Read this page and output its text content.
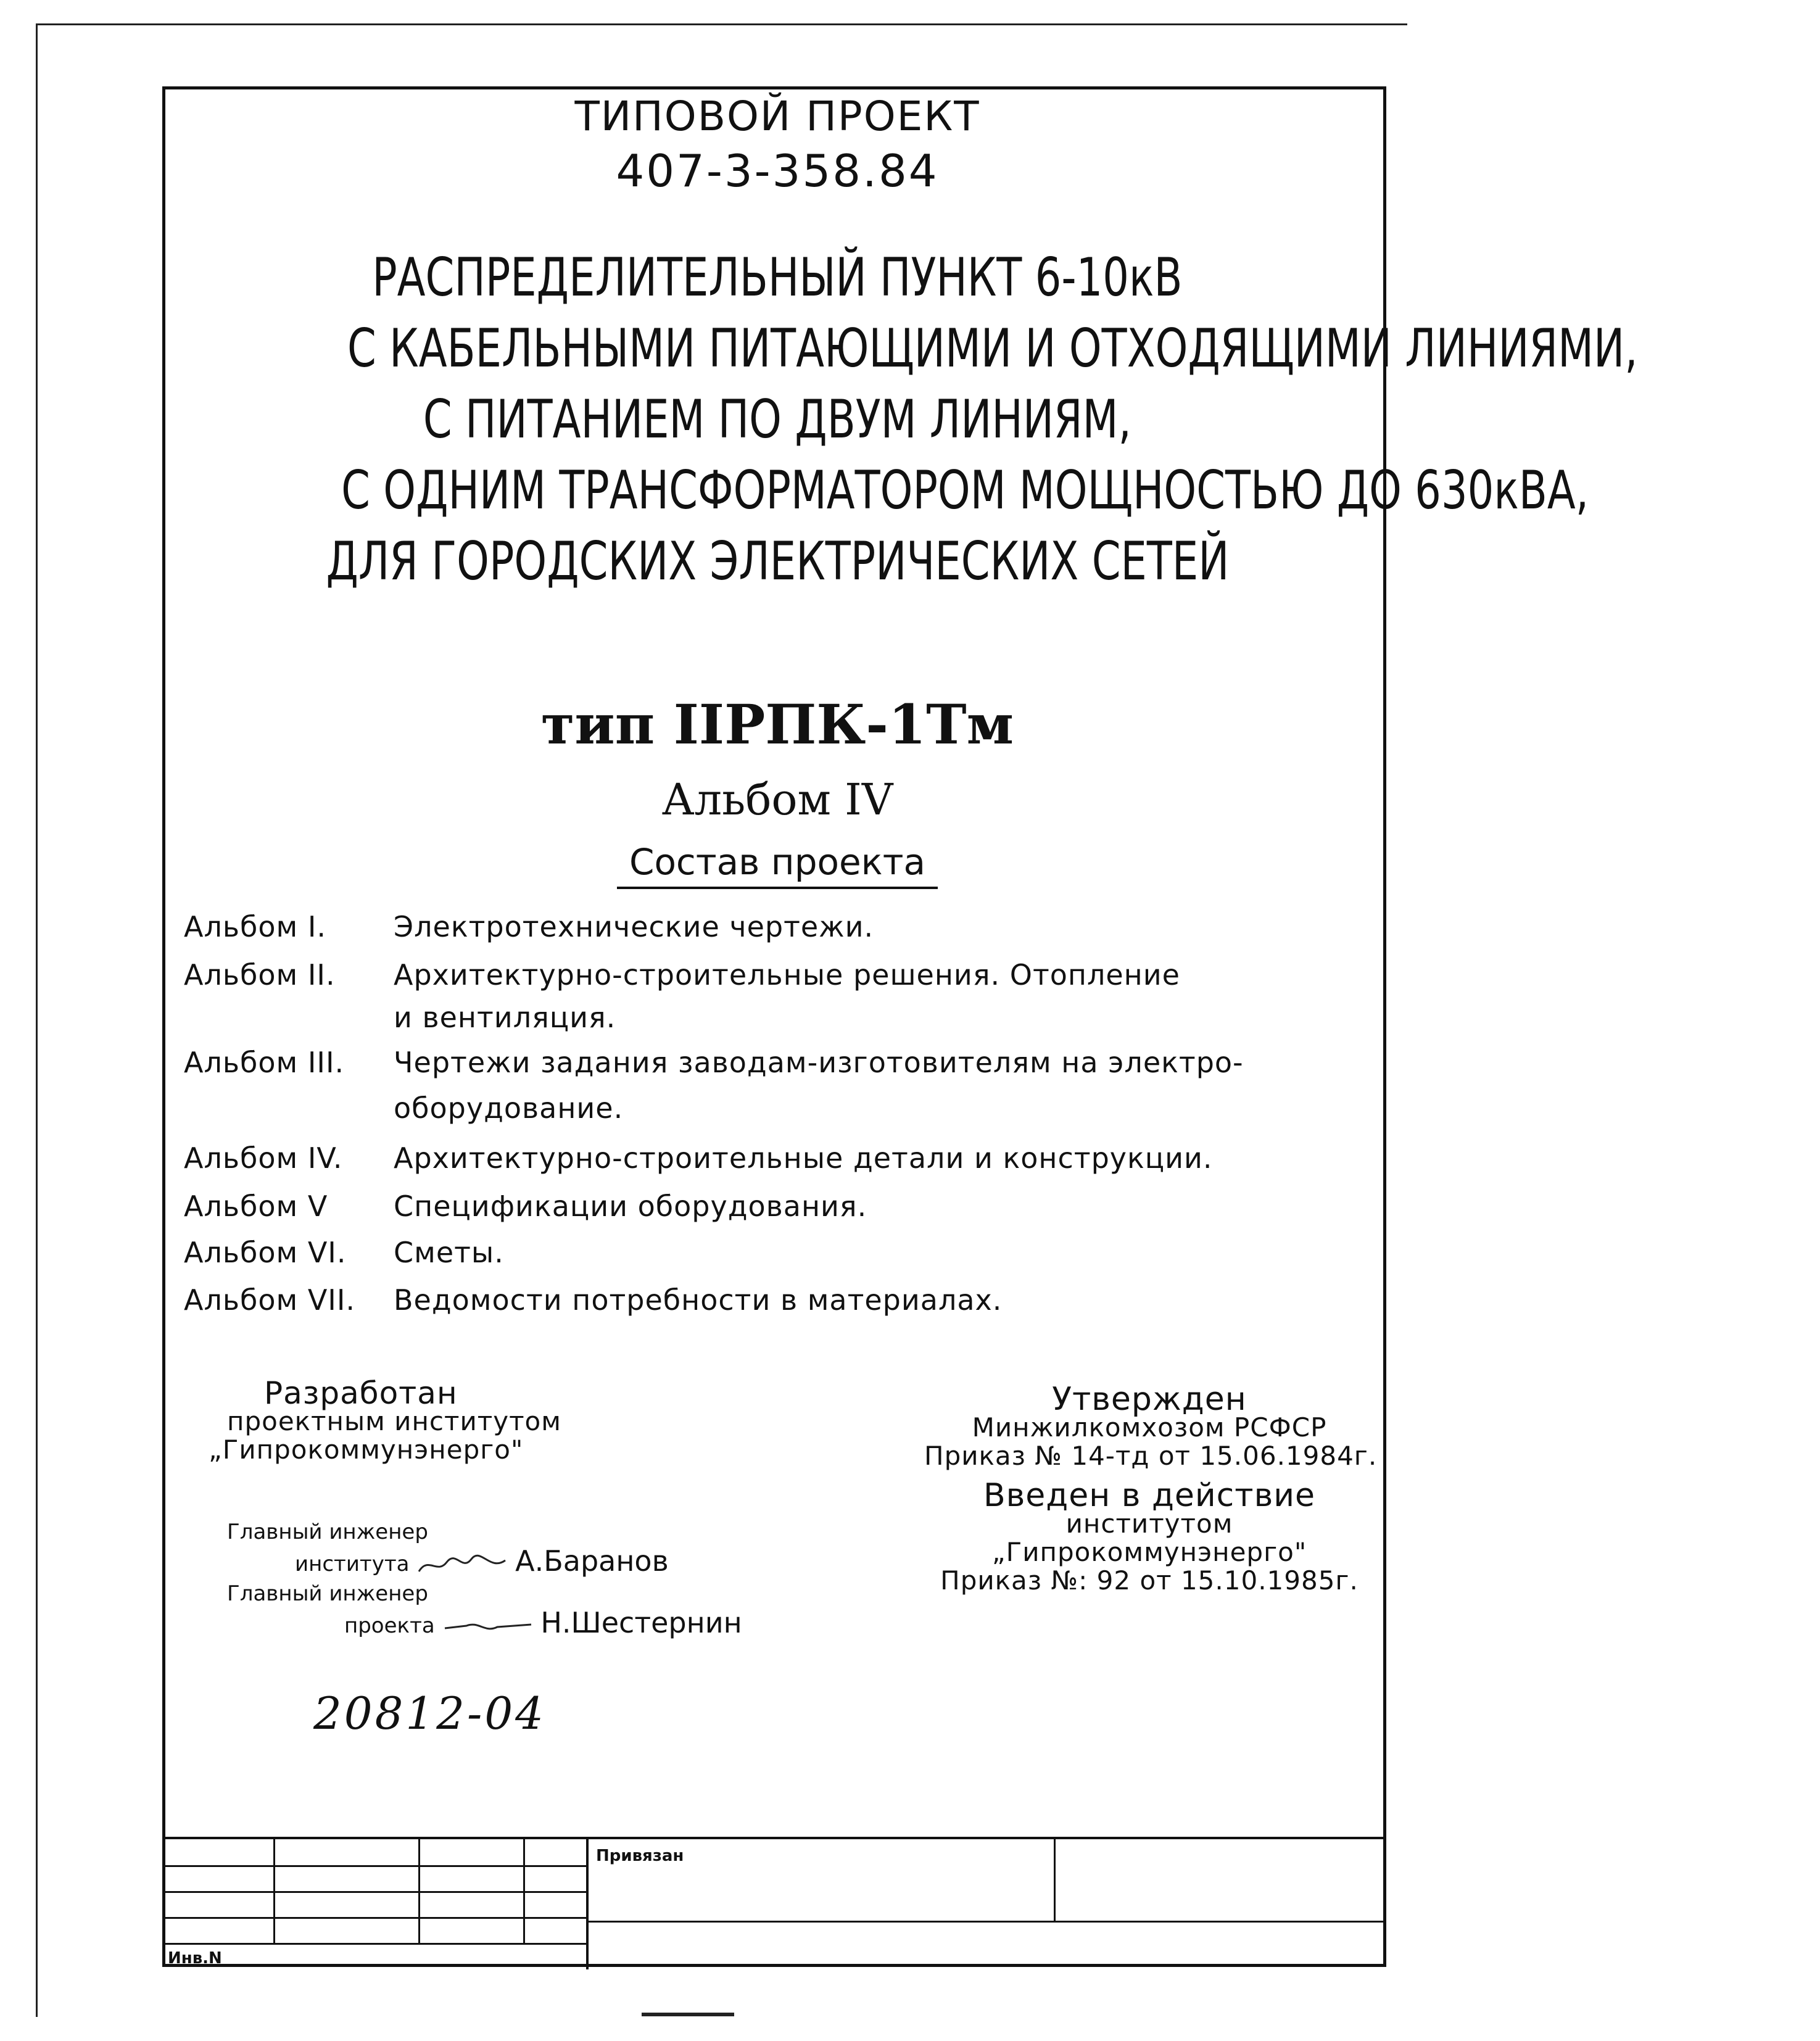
ТИПОВОЙ ПРОЕКТ
407-3-358.84
РАСПРЕДЕЛИТЕЛЬНЫЙ ПУНКТ 6-10кВ
С КАБЕЛЬНЫМИ ПИТАЮЩИМИ И ОТХОДЯЩИМИ ЛИНИЯМИ,
С ПИТАНИЕМ ПО ДВУМ ЛИНИЯМ,
С ОДНИМ ТРАНСФОРМАТОРОМ МОЩНОСТЬЮ ДО 630кВА,
ДЛЯ ГОРОДСКИХ ЭЛЕКТРИЧЕСКИХ СЕТЕЙ
тип IIРПК-1Тм
Альбом IV
Состав проекта
Альбом I. Электротехнические чертежи.
Альбом II. Архитектурно-строительные решения. Отопление
и вентиляция.
Альбом III. Чертежи задания заводам-изготовителям на электро-
оборудование.
Альбом IV. Архитектурно-строительные детали и конструкции.
Альбом V Спецификации оборудования.
Альбом VI. Сметы.
Альбом VII. Ведомости потребности в материалах.
Разработан
проектным институтом
„Гипрокоммунэнерго"
Главный инженер
института	А.Баранов
Главный инженер
проекта	Н.Шестернин
Утвержден
Минжилкомхозом РСФСР
Приказ № 14-тд от 15.06.1984г.
Введен в действие
институтом
„Гипрокоммунэнерго"
Приказ №: 92 от 15.10.1985г.
20812-04
Привязан
Инв.N
